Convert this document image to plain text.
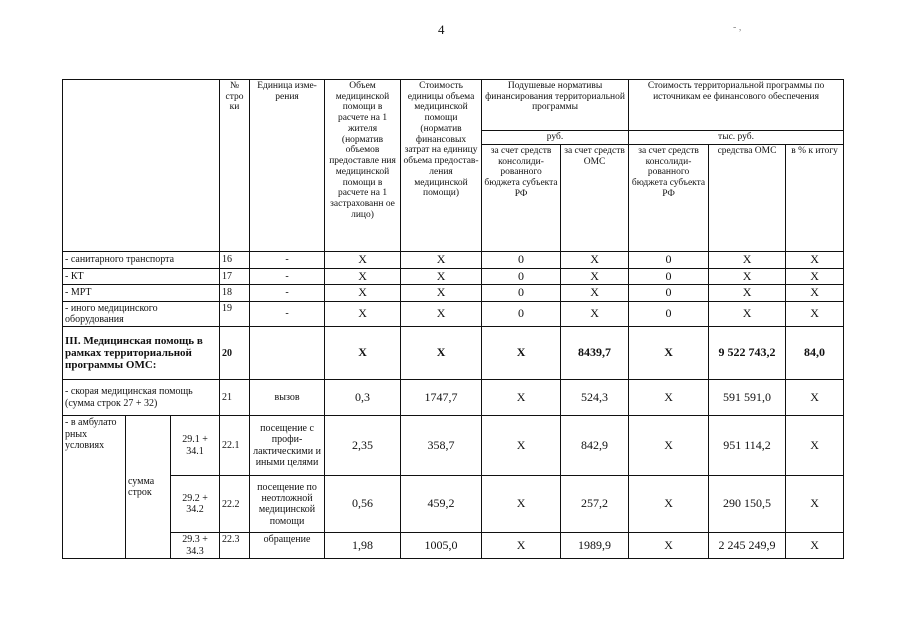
4	- ,
			№ стро ки	Единица изме- рения	Объем медицинской помощи в расчете на 1 жителя (норматив объемов предоставле ния медицинской помощи в расчете на 1 застрахованн ое лицо)	Стоимость единицы объема медицинской помощи (норматив финансовых затрат на единицу объема предостав- ления медицинской помощи)	Подушевые нормативы финансирования территориальной программы		Стоимость территориальной программы по источникам ее финансового обеспечения		
							руб.		тыс. руб.		
							за счет средств консолиди- рованного бюджета субъекта РФ	за счет средств ОМС	за счет средств консолиди- рованного бюджета субъекта РФ	средства ОМС	в % к итогу
- санитарного транспорта			16	-	Х	Х	0	Х	0	Х	Х
- КТ			17	-	Х	Х	0	Х	0	Х	Х
- МРТ			18	-	Х	Х	0	Х	0	Х	Х
- иного медицинского оборудования			19	-	Х	Х	0	Х	0	Х	Х
III. Медицинская помощь в рамках территориальной программы ОМС:			20		Х	Х	Х	8439,7	Х	9 522 743,2	84,0
- скорая медицинская помощь (сумма строк 27 + 32)			21	вызов	0,3	1747,7	Х	524,3	Х	591 591,0	Х
- в амбулато рных условиях	сумма строк	29.1 + 34.1	22.1	посещение с профи- лактическими и иными целями	2,35	358,7	Х	842,9	Х	951 114,2	Х
		29.2 + 34.2	22.2	посещение по неотложной медицинской помощи	0,56	459,2	Х	257,2	Х	290 150,5	Х
		29.3 + 34.3	22.3	обращение	1,98	1005,0	Х	1989,9	Х	2 245 249,9	Х
